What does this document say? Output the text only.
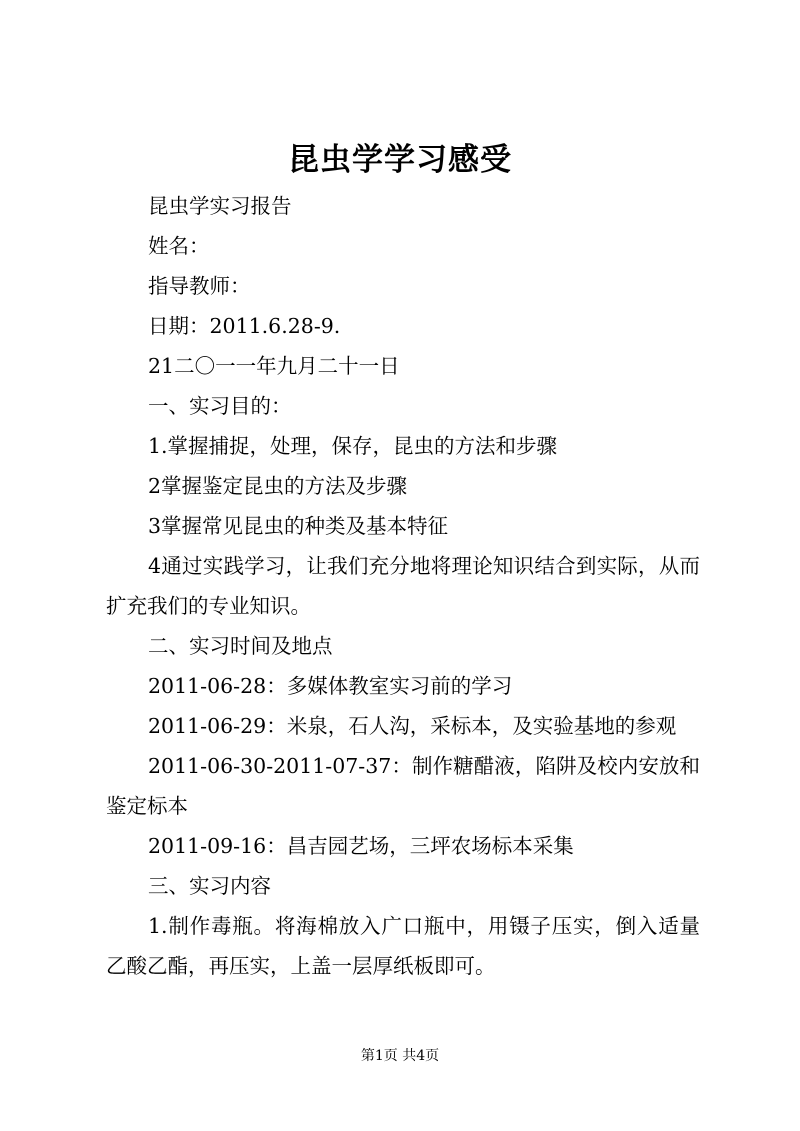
昆虫学学习感受

昆虫学实习报告

姓名：

指导教师：

日期：2011.6.28-9.

21二〇一一年九月二十一日

一、实习目的：

1.掌握捕捉，处理，保存，昆虫的方法和步骤

2掌握鉴定昆虫的方法及步骤

3掌握常见昆虫的种类及基本特征

4通过实践学习，让我们充分地将理论知识结合到实际，从而扩充我们的专业知识。

二、实习时间及地点

2011-06-28：多媒体教室实习前的学习

2011-06-29：米泉，石人沟，采标本，及实验基地的参观

2011-06-30-2011-07-37：制作糖醋液，陷阱及校内安放和鉴定标本

2011-09-16：昌吉园艺场，三坪农场标本采集

三、实习内容

1.制作毒瓶。将海棉放入广口瓶中，用镊子压实，倒入适量乙酸乙酯，再压实，上盖一层厚纸板即可。

第1页 共4页
